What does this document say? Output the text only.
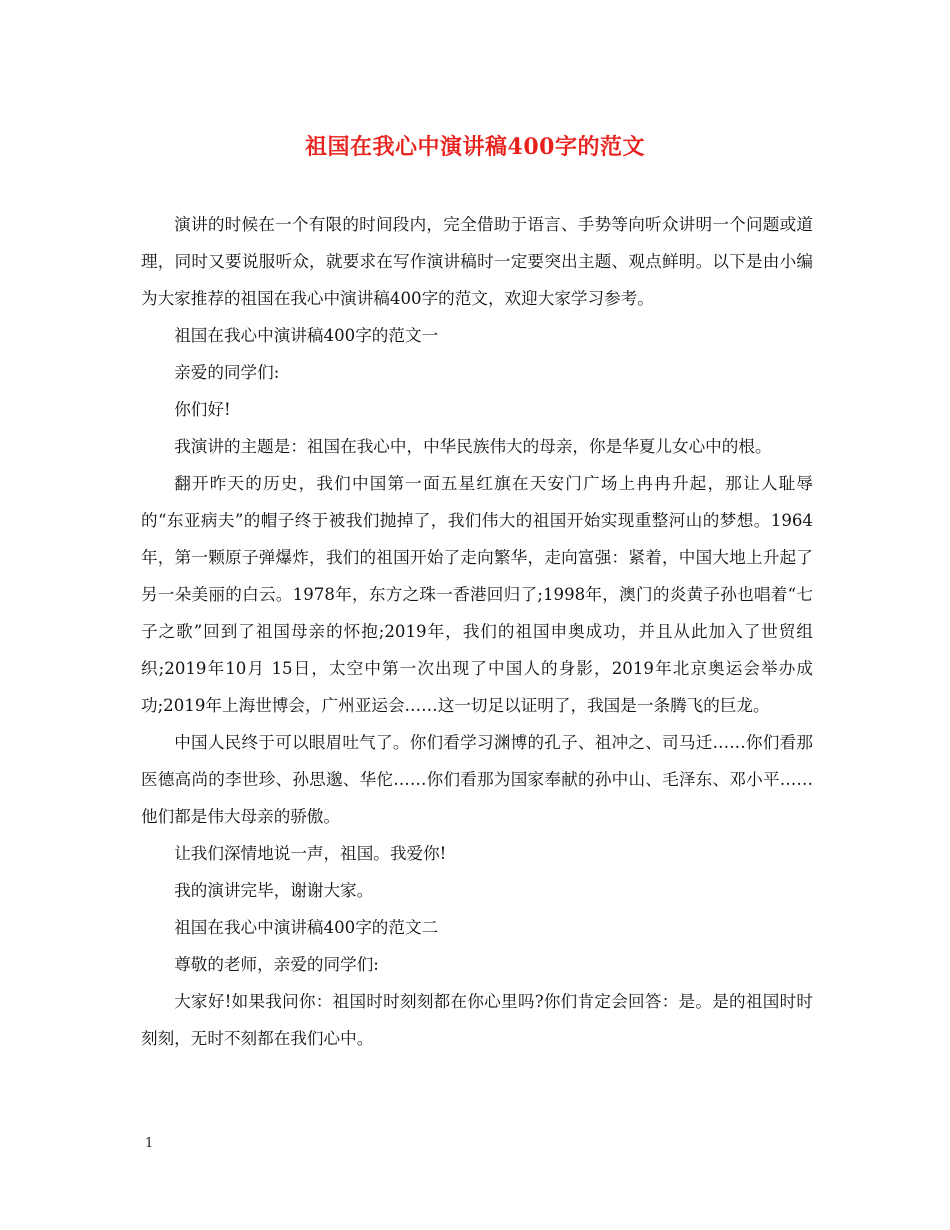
祖国在我心中演讲稿400字的范文

演讲的时候在一个有限的时间段内，完全借助于语言、手势等向听众讲明一个问题或道理，同时又要说服听众，就要求在写作演讲稿时一定要突出主题、观点鲜明。以下是由小编为大家推荐的祖国在我心中演讲稿400字的范文，欢迎大家学习参考。

祖国在我心中演讲稿400字的范文一

亲爱的同学们:

你们好!

我演讲的主题是：祖国在我心中，中华民族伟大的母亲，你是华夏儿女心中的根。

翻开昨天的历史，我们中国第一面五星红旗在天安门广场上冉冉升起，那让人耻辱的“东亚病夫”的帽子终于被我们抛掉了，我们伟大的祖国开始实现重整河山的梦想。1964年，第一颗原子弹爆炸，我们的祖国开始了走向繁华，走向富强：紧着，中国大地上升起了另一朵美丽的白云。1978年，东方之珠一香港回归了;1998年，澳门的炎黄子孙也唱着“七子之歌”回到了祖国母亲的怀抱;2019年，我们的祖国申奥成功，并且从此加入了世贸组织;2019年10月 15日，太空中第一次出现了中国人的身影，2019年北京奥运会举办成功;2019年上海世博会，广州亚运会……这一切足以证明了，我国是一条腾飞的巨龙。

中国人民终于可以眼眉吐气了。你们看学习渊博的孔子、祖冲之、司马迁……你们看那医德高尚的李世珍、孙思邈、华佗……你们看那为国家奉献的孙中山、毛泽东、邓小平……他们都是伟大母亲的骄傲。

让我们深情地说一声，祖国。我爱你!

我的演讲完毕，谢谢大家。

祖国在我心中演讲稿400字的范文二

尊敬的老师，亲爱的同学们:

大家好!如果我问你：祖国时时刻刻都在你心里吗?你们肯定会回答：是。是的祖国时时刻刻，无时不刻都在我们心中。

1
